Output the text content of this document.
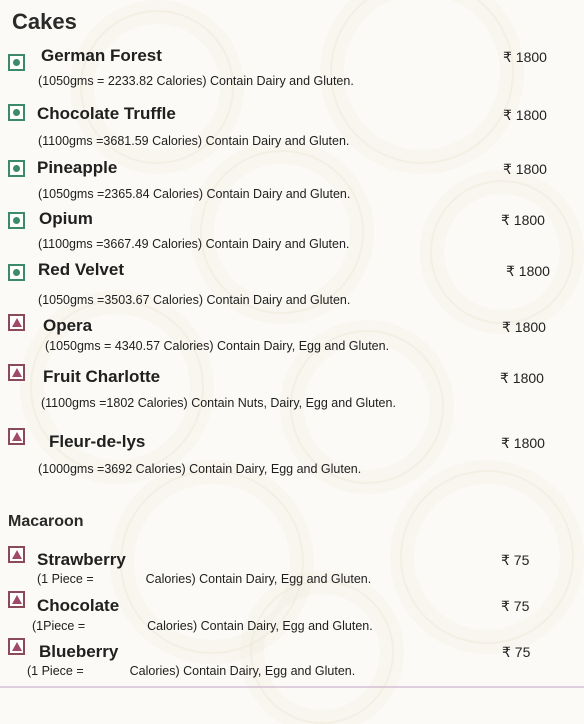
Cakes
German Forest	₹ 1800
(1050gms = 2233.82 Calories) Contain Dairy and Gluten.
Chocolate Truffle	₹ 1800
(1100gms =3681.59 Calories) Contain Dairy and Gluten.
Pineapple	₹ 1800
(1050gms =2365.84 Calories) Contain Dairy and Gluten.
Opium	₹ 1800
(1100gms =3667.49 Calories) Contain Dairy and Gluten.
Red Velvet	₹ 1800
(1050gms =3503.67 Calories) Contain Dairy and Gluten.
Opera	₹ 1800
(1050gms = 4340.57 Calories) Contain Dairy, Egg and Gluten.
Fruit Charlotte	₹ 1800
(1100gms =1802 Calories) Contain Nuts, Dairy, Egg and Gluten.
Fleur-de-lys	₹ 1800
(1000gms =3692 Calories) Contain Dairy, Egg and Gluten.
Macaroon
Strawberry	₹ 75
(1 Piece =	Calories) Contain Dairy, Egg and Gluten.
Chocolate	₹ 75
(1Piece =	Calories) Contain Dairy, Egg and Gluten.
Blueberry	₹ 75
(1 Piece =	Calories) Contain Dairy, Egg and Gluten.
